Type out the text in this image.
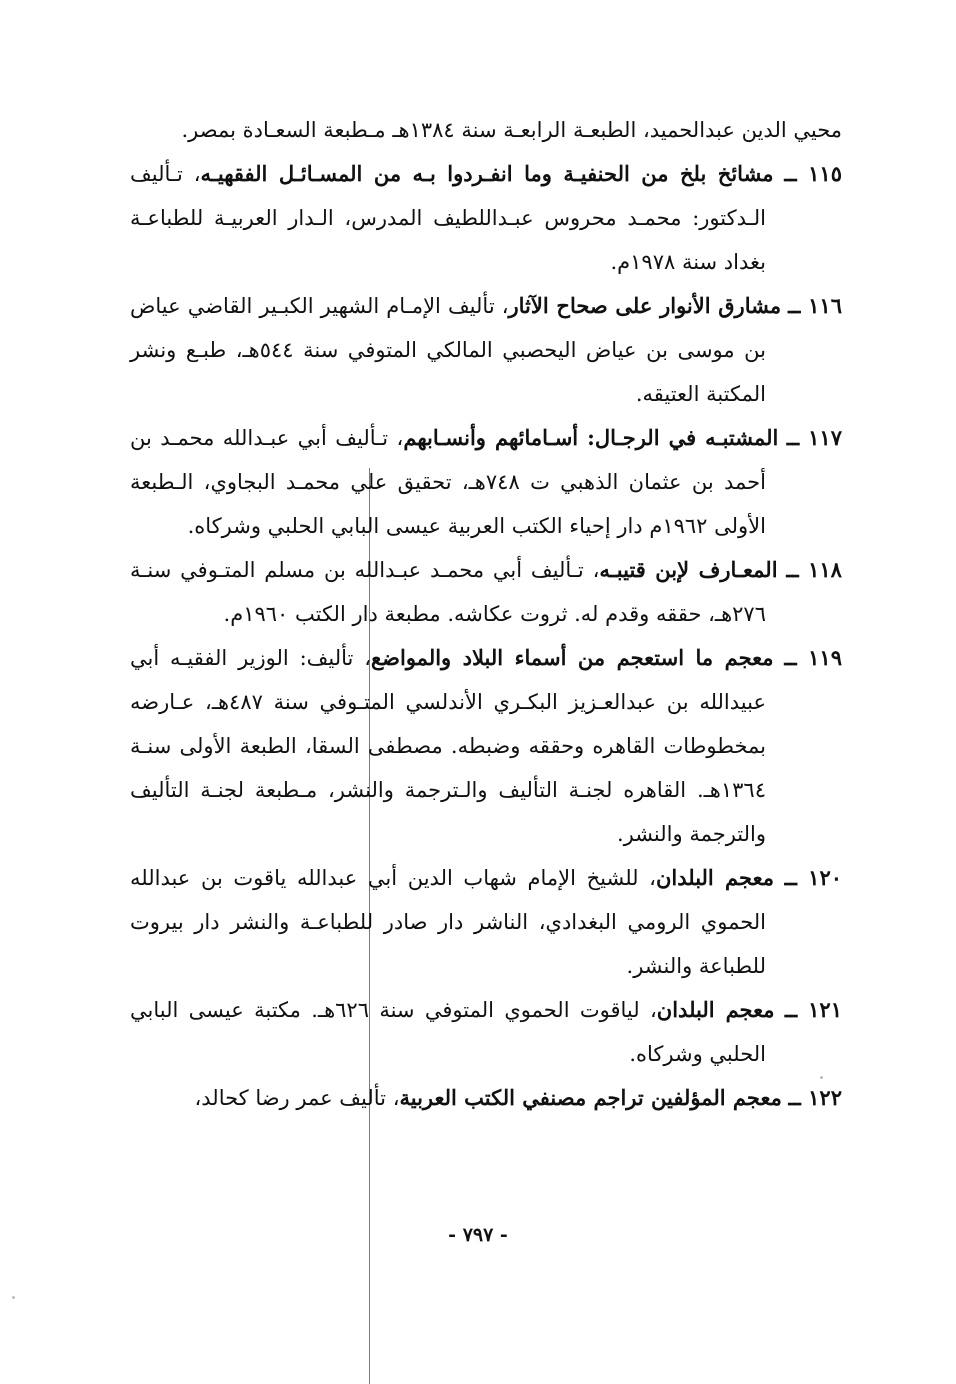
محيي الدين عبدالحميد، الطبعـة الرابعـة سنة ١٣٨٤هـ مـطبعة السعـادة بمصر.

١١٥ ــ مشائخ بلخ من الحنفيـة وما انفـردوا بـه من المسـائـل الفقهيـه، تـأليف الـدكتور: محمـد محروس عبـداللطيف المدرس، الـدار العربيـة للطباعـة بغداد سنة ١٩٧٨م.

١١٦ ــ مشارق الأنوار على صحاح الآثار، تأليف الإمـام الشهير الكبـير القاضي عياض بن موسى بن عياض اليحصبي المالكي المتوفي سنة ٥٤٤هـ، طبـع ونشر المكتبة العتيقه.

١١٧ ــ المشتبـه في الرجـال: أسـامائهم وأنسـابهم، تـأليف أبي عبـدالله محمـد بن أحمد بن عثمان الذهبي ت ٧٤٨هـ، تحقيق علي محمـد البجاوي، الـطبعة الأولى ١٩٦٢م دار إحياء الكتب العربية عيسى البابي الحلبي وشركاه.

١١٨ ــ المعـارف لإبن قتيبـه، تـأليف أبي محمـد عبـدالله بن مسلم المتـوفي سنـة ٢٧٦هـ، حققه وقدم له. ثروت عكاشه. مطبعة دار الكتب ١٩٦٠م.

١١٩ ــ معجم ما استعجم من أسماء البلاد والمواضع، تأليف: الوزير الفقيـه أبي عبيدالله بن عبدالعـزيز البكـري الأندلسي المتـوفي سنة ٤٨٧هـ، عـارضه بمخطوطات القاهره وحققه وضبطه. مصطفى السقا، الطبعة الأولى سنـة ١٣٦٤هـ. القاهره لجنـة التأليف والـترجمة والنشر، مـطبعة لجنـة التأليف والترجمة والنشر.

١٢٠ ــ معجم البلدان، للشيخ الإمام شهاب الدين أبي عبدالله ياقوت بن عبدالله الحموي الرومي البغدادي، الناشر دار صادر للطباعـة والنشر دار بيروت للطباعة والنشر.

١٢١ ــ معجم البلدان، لياقوت الحموي المتوفي سنة ٦٢٦هـ. مكتبة عيسى البابي الحلبي وشركاه.

١٢٢ ــ معجم المؤلفين تراجم مصنفي الكتب العربية، تأليف عمر رضا كحالد،

- ٧٩٧ -
